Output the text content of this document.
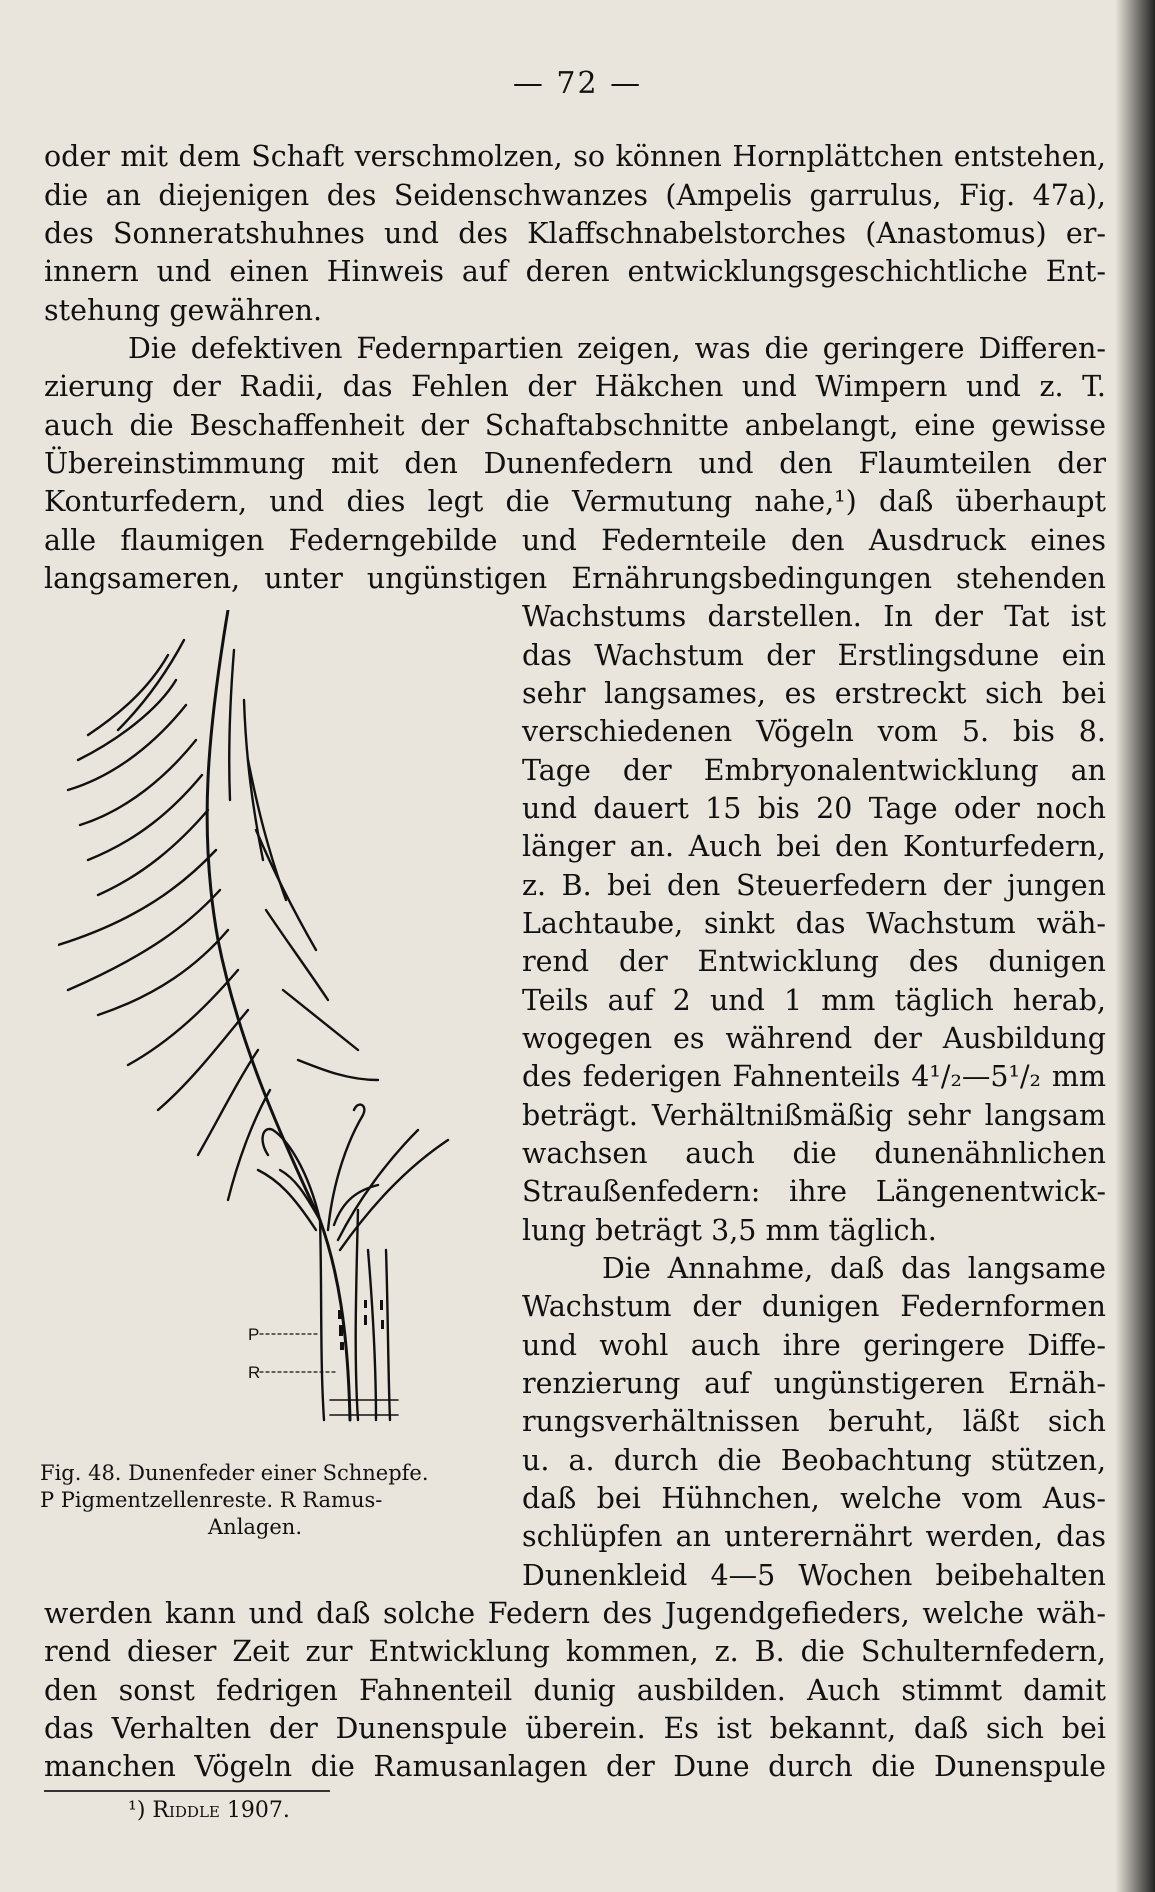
— 72 —
oder mit dem Schaft verschmolzen, so können Hornplättchen entstehen,
die an diejenigen des Seidenschwanzes (Ampelis garrulus, Fig. 47a),
des Sonneratshuhnes und des Klaffschnabelstorches (Anastomus) er-
innern und einen Hinweis auf deren entwicklungsgeschichtliche Ent-
stehung gewähren.
Die defektiven Federnpartien zeigen, was die geringere Differen-
zierung der Radii, das Fehlen der Häkchen und Wimpern und z. T.
auch die Beschaffenheit der Schaftabschnitte anbelangt, eine gewisse
Übereinstimmung mit den Dunenfedern und den Flaumteilen der
Konturfedern, und dies legt die Vermutung nahe,¹) daß überhaupt
alle flaumigen Federngebilde und Federnteile den Ausdruck eines
langsameren, unter ungünstigen Ernährungsbedingungen stehenden
Wachstums darstellen. In der Tat ist
das Wachstum der Erstlingsdune ein
sehr langsames, es erstreckt sich bei
verschiedenen Vögeln vom 5. bis 8.
Tage der Embryonalentwicklung an
und dauert 15 bis 20 Tage oder noch
länger an. Auch bei den Konturfedern,
z. B. bei den Steuerfedern der jungen
Lachtaube, sinkt das Wachstum wäh-
rend der Entwicklung des dunigen
Teils auf 2 und 1 mm täglich herab,
wogegen es während der Ausbildung
des federigen Fahnenteils 4¹/₂—5¹/₂ mm
beträgt. Verhältnißmäßig sehr langsam
wachsen auch die dunenähnlichen
Straußenfedern: ihre Längenentwick-
lung beträgt 3,5 mm täglich.
Die Annahme, daß das langsame
Wachstum der dunigen Federnformen
und wohl auch ihre geringere Diffe-
renzierung auf ungünstigeren Ernäh-
rungsverhältnissen beruht, läßt sich
u. a. durch die Beobachtung stützen,
daß bei Hühnchen, welche vom Aus-
schlüpfen an unterernährt werden, das
Dunenkleid 4—5 Wochen beibehalten
werden kann und daß solche Federn des Jugendgefieders, welche wäh-
rend dieser Zeit zur Entwicklung kommen, z. B. die Schulternfedern,
den sonst fedrigen Fahnenteil dunig ausbilden. Auch stimmt damit
das Verhalten der Dunenspule überein. Es ist bekannt, daß sich bei
manchen Vögeln die Ramusanlagen der Dune durch die Dunenspule
P
R
Fig. 48. Dunenfeder einer Schnepfe.
P Pigmentzellenreste. R Ramus-
Anlagen.
¹) Riddle 1907.
